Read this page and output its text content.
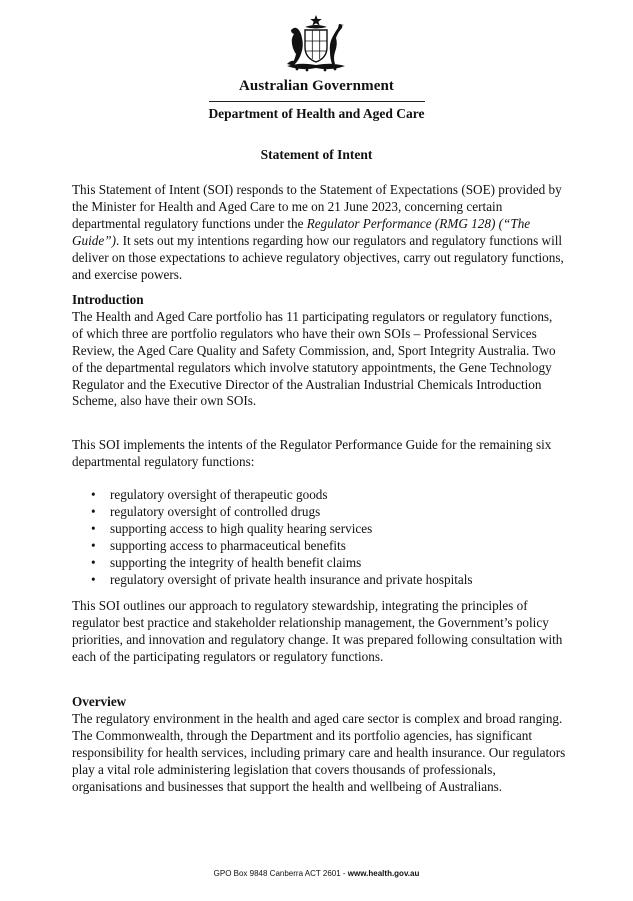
Australian Government
Department of Health and Aged Care
Statement of Intent

This Statement of Intent (SOI) responds to the Statement of Expectations (SOE) provided by the Minister for Health and Aged Care to me on 21 June 2023, concerning certain departmental regulatory functions under the Regulator Performance (RMG 128) (“The Guide”). It sets out my intentions regarding how our regulators and regulatory functions will deliver on those expectations to achieve regulatory objectives, carry out regulatory functions, and exercise powers.

Introduction

The Health and Aged Care portfolio has 11 participating regulators or regulatory functions, of which three are portfolio regulators who have their own SOIs – Professional Services Review, the Aged Care Quality and Safety Commission, and, Sport Integrity Australia. Two of the departmental regulators which involve statutory appointments, the Gene Technology Regulator and the Executive Director of the Australian Industrial Chemicals Introduction Scheme, also have their own SOIs.

This SOI implements the intents of the Regulator Performance Guide for the remaining six departmental regulatory functions:

• regulatory oversight of therapeutic goods
• regulatory oversight of controlled drugs
• supporting access to high quality hearing services
• supporting access to pharmaceutical benefits
• supporting the integrity of health benefit claims
• regulatory oversight of private health insurance and private hospitals

This SOI outlines our approach to regulatory stewardship, integrating the principles of regulator best practice and stakeholder relationship management, the Government’s policy priorities, and innovation and regulatory change. It was prepared following consultation with each of the participating regulators or regulatory functions.

Overview

The regulatory environment in the health and aged care sector is complex and broad ranging. The Commonwealth, through the Department and its portfolio agencies, has significant responsibility for health services, including primary care and health insurance. Our regulators play a vital role administering legislation that covers thousands of professionals, organisations and businesses that support the health and wellbeing of Australians.

GPO Box 9848 Canberra ACT 2601 - www.health.gov.au
